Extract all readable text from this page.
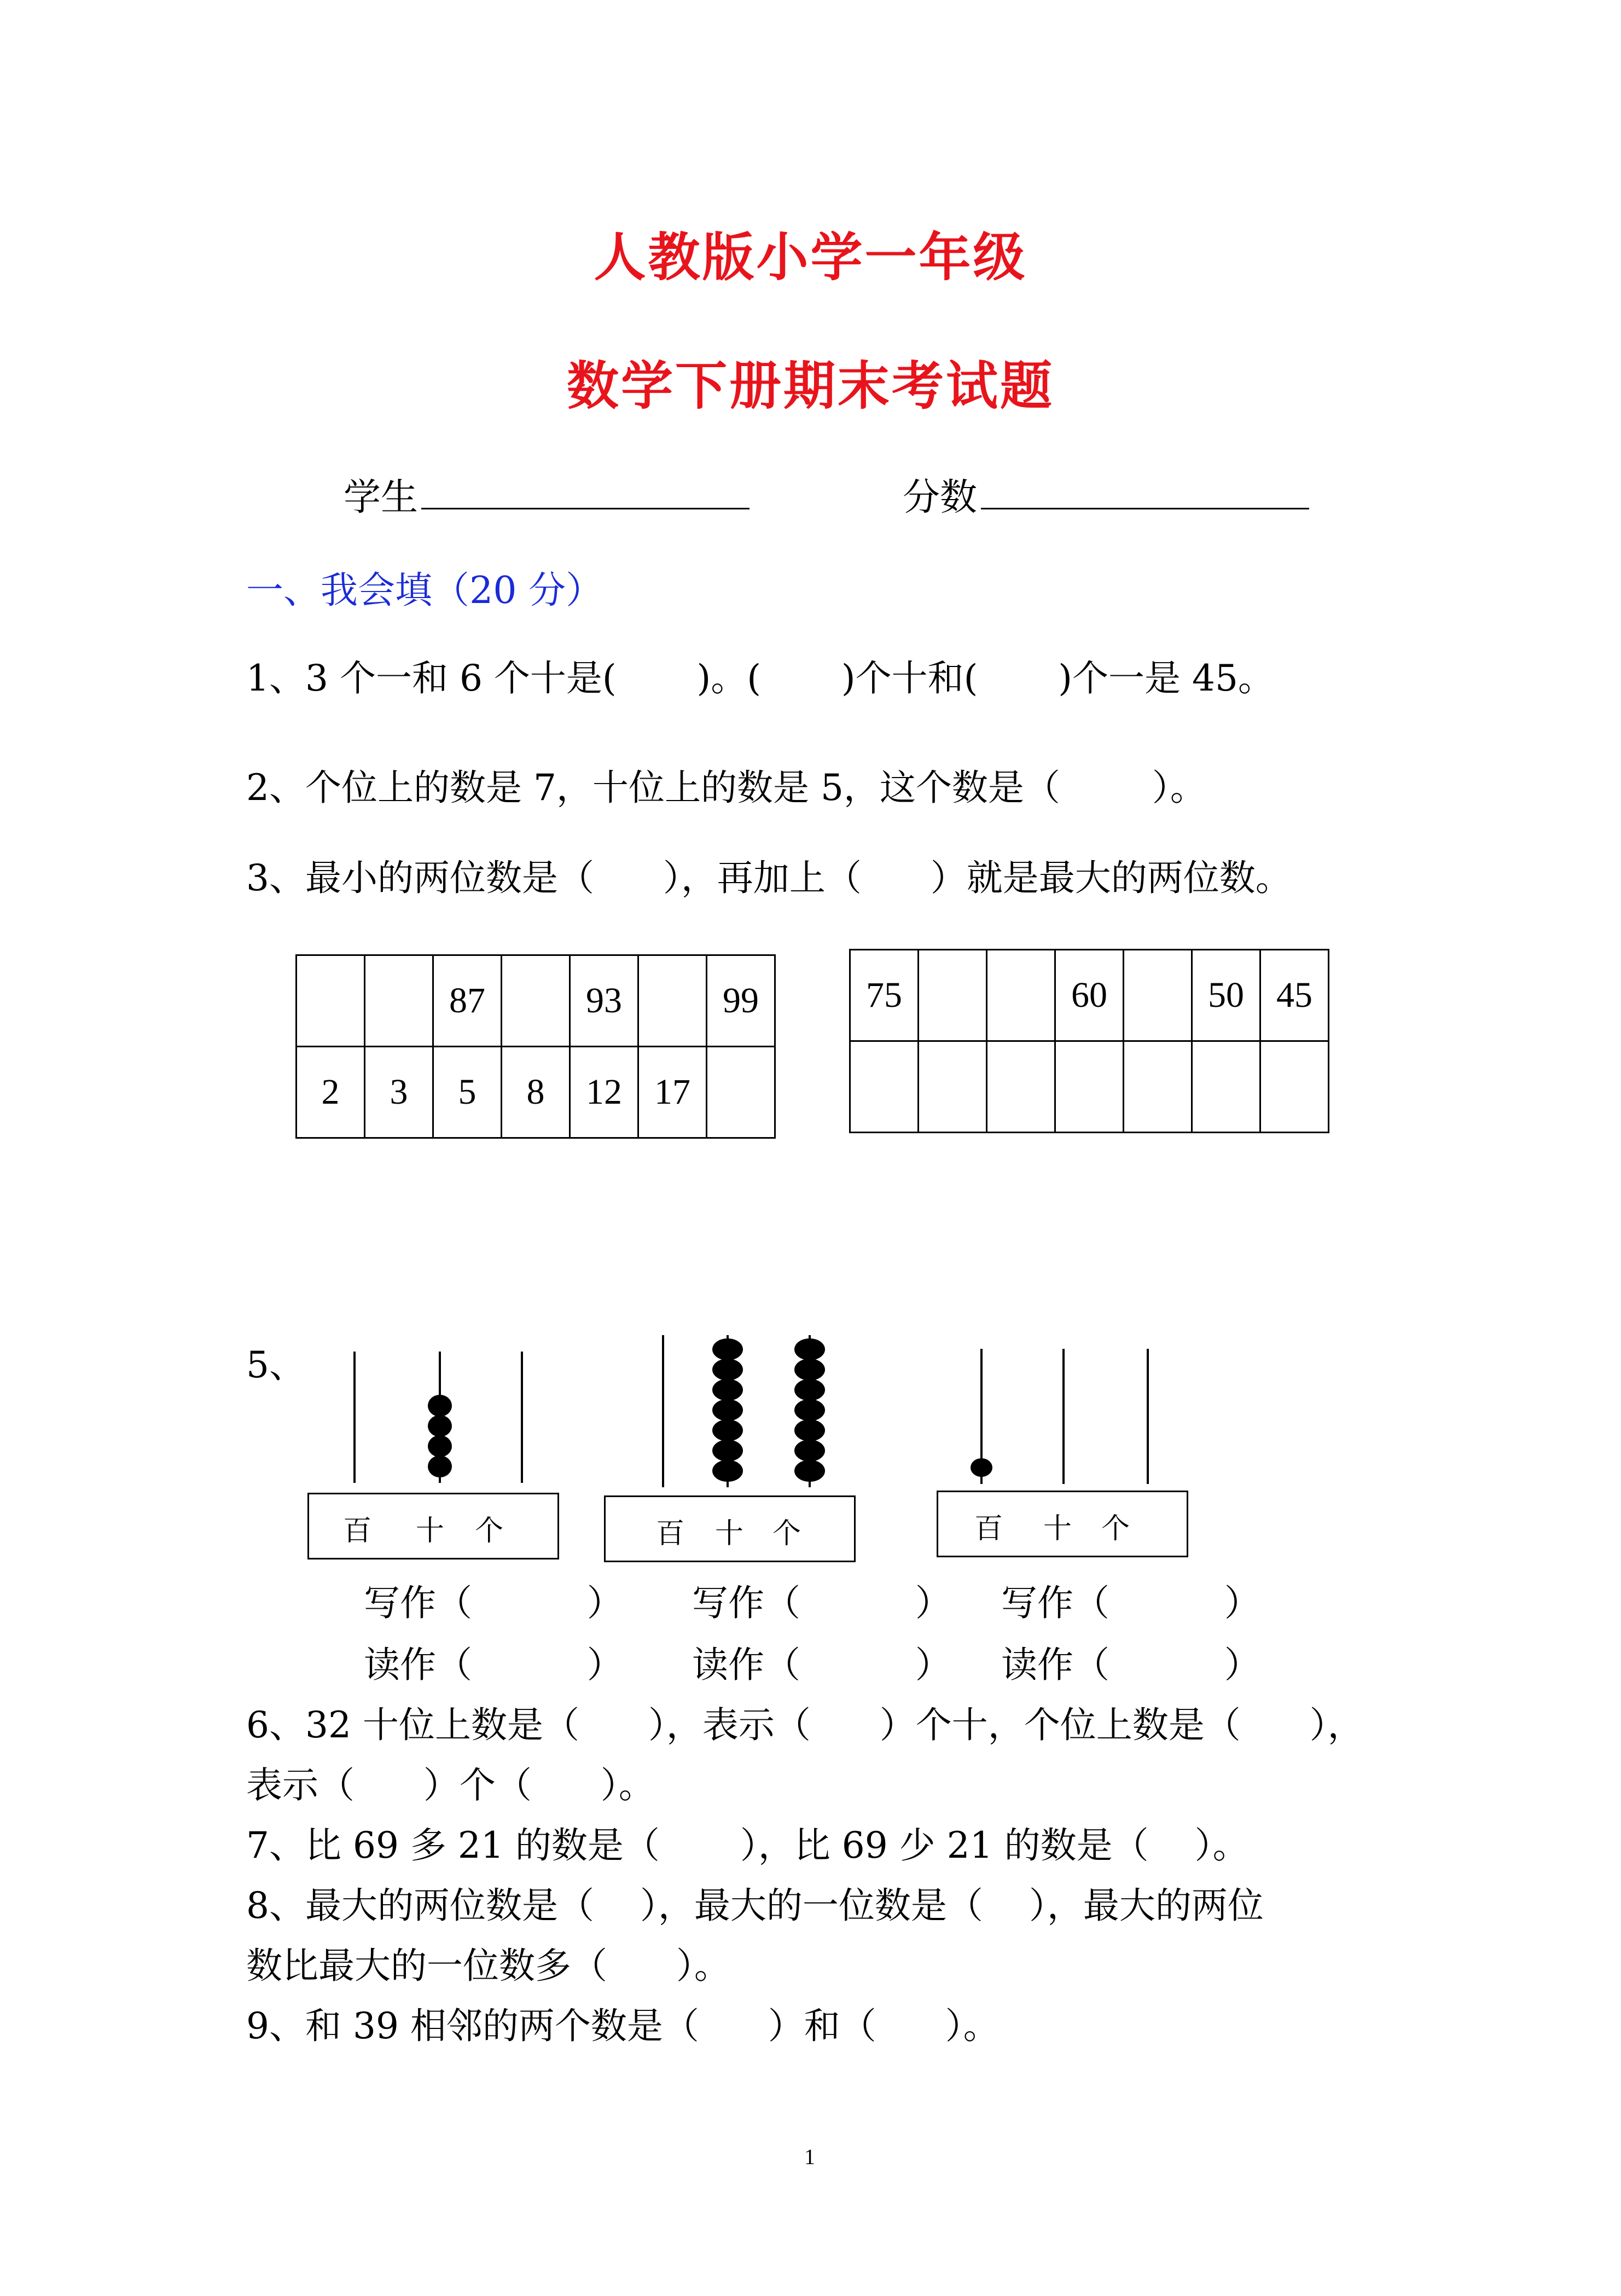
人教版小学一年级
数学下册期末考试题
学生	分数
一、我会填（20 分）
1、3 个一和 6 个十是(       )。(       )个十和(       )个一是 45。
2、个位上的数是 7，十位上的数是 5，这个数是（        ）。
3、最小的两位数是（      ），再加上（      ）就是最大的两位数。
		87		93		99
2	3	5	8	12	17	
75			60		50	45

5、
百 十 个	百 十 个	百 十 个
写作（          ） 写作（          ） 写作（          ）
读作（          ） 读作（          ） 读作（          ）
6、32 十位上数是（      ），表示（      ）个十，个位上数是（      ），
表示（      ）个（      ）。
7、比 69 多 21 的数是（       ），比 69 少 21 的数是（    ）。
8、最大的两位数是（    ），最大的一位数是（    ），最大的两位
数比最大的一位数多（      ）。
9、和 39 相邻的两个数是（      ）和（      ）。
1
